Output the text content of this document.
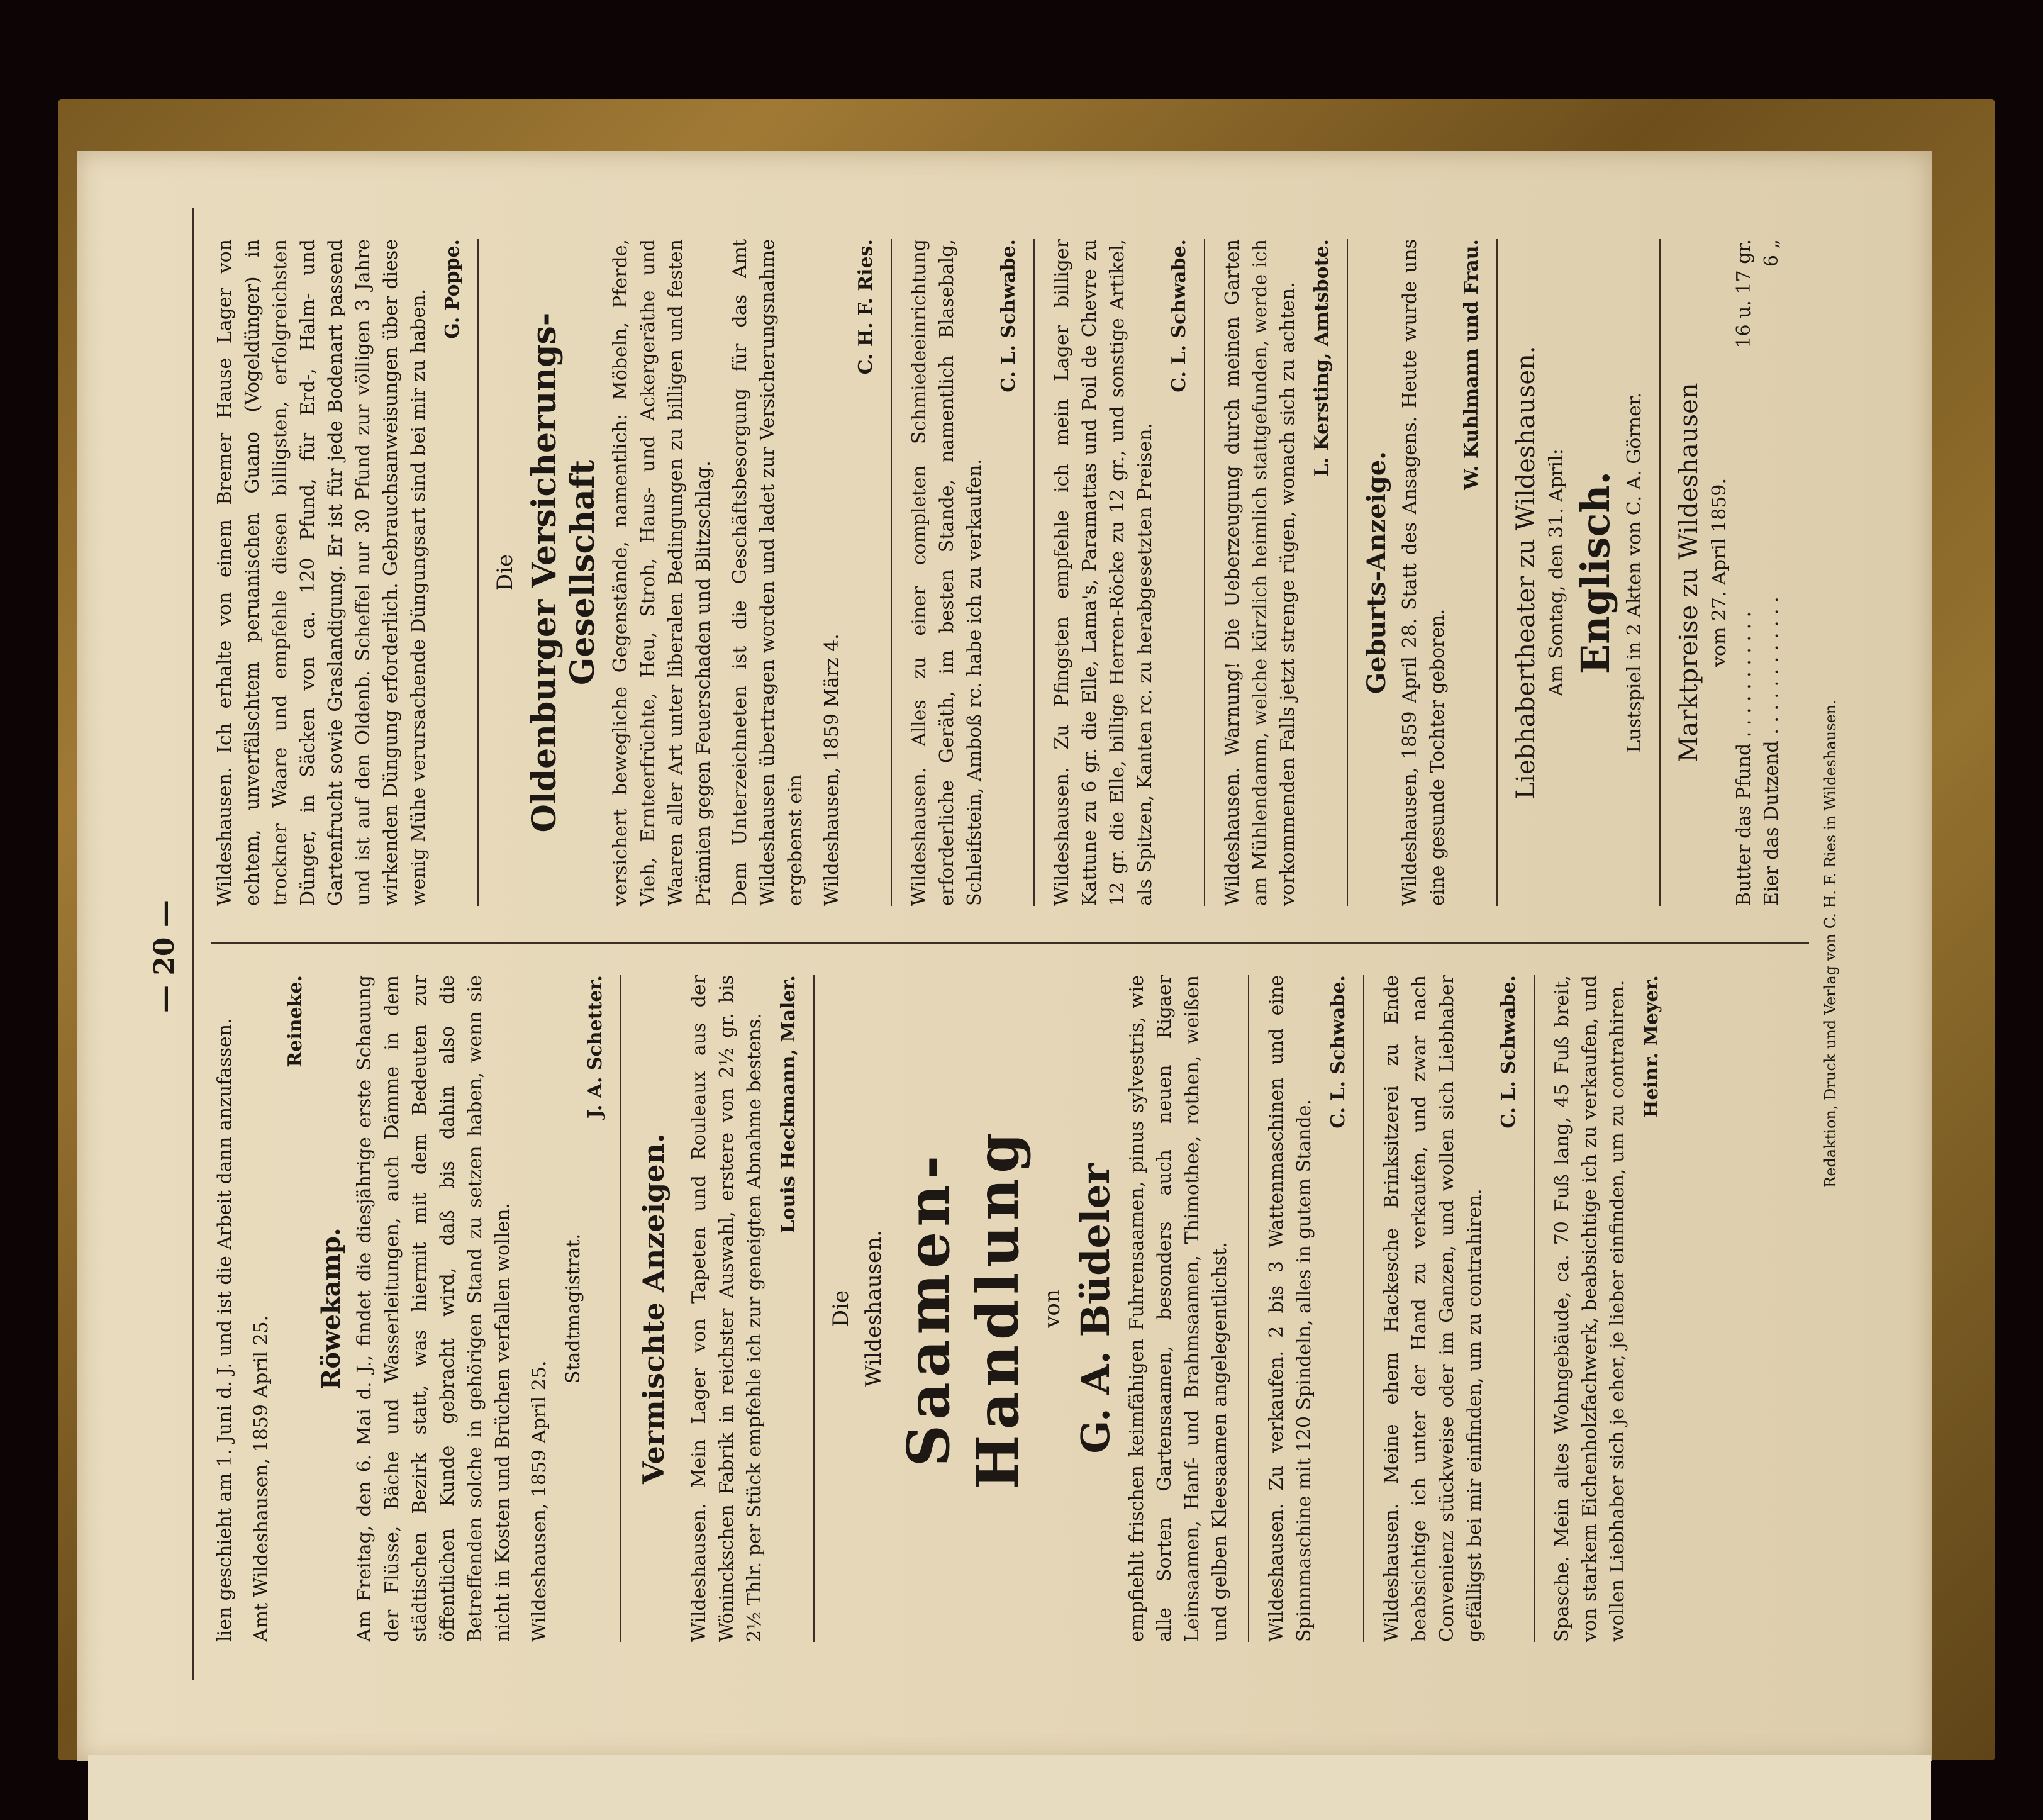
— 20 —

lien geschieht am 1. Juni d. J. und ist die Arbeit dann anzufassen. Amt Wildeshausen, 1859 April 25.

Reineke.
Röwekamp. Am Freitag, den 6. Mai d. J., findet die diesjährige erste Schauung der Flüsse, Bäche und Wasserleitungen, auch Dämme in dem städtischen Bezirk statt, was hiermit mit dem Bedeuten zur öffentlichen Kunde gebracht wird, daß bis dahin also die Betreffenden solche in gehörigen Stand zu setzen haben, wenn sie nicht in Kosten und Brüchen verfallen wollen. Wildeshausen, 1859 April 25.

Stadtmagistrat.
J. A. Schetter.
Vermischte Anzeigen. Wildeshausen. Mein Lager von Tapeten und Rouleaux aus der Wöninckschen Fabrik in reichster Auswahl, erstere von 2½ gr. bis 2½ Thlr. per Stück empfehle ich zur geneigten Abnahme bestens. Louis Heckmann, Maler.
Die Wildeshausen. Saamen-Handlung von G. A. Büdeler empfiehlt frischen keimfähigen Fuhrensaamen, pinus sylvestris, wie alle Sorten Gartensaamen, besonders auch neuen Rigaer Leinsaamen, Hanf- und Brahmsaamen, Thimothee, rothen, weißen und gelben Kleesaamen angelegentlichst. Wildeshausen. Zu verkaufen. 2 bis 3 Wattenmaschinen und eine Spinnmaschine mit 120 Spindeln, alles in gutem Stande.

C. L. Schwabe. Wildeshausen. Meine ehem Hackesche Brinksitzerei zu Ende beabsichtige ich unter der Hand zu verkaufen, und zwar nach Convenienz stückweise oder im Ganzen, und wollen sich Liebhaber gefälligst bei mir einfinden, um zu contrahiren.

C. L. Schwabe. Spasche. Mein altes Wohngebäude, ca. 70 Fuß lang, 45 Fuß breit, von starkem Eichenholzfachwerk, beabsichtige ich zu verkaufen, und wollen Liebhaber sich je eher, je lieber einfinden, um zu contrahiren. Heinr. Meyer.

Wildeshausen. Ich erhalte von einem Bremer Hause Lager von echtem, unverfälschtem peruanischen Guano (Vogeldünger) in trockner Waare und empfehle diesen billigsten, erfolgreichsten Dünger, in Säcken von ca. 120 Pfund, für Erd-, Halm- und Gartenfrucht sowie Graslandigung. Er ist für jede Bodenart passend und ist auf den Oldenb. Scheffel nur 30 Pfund zur völligen 3 Jahre wirkenden Düngung erforderlich. Gebrauchsanweisungen über diese wenig Mühe verursachende Düngungsart sind bei mir zu haben. G. Poppe.
Die Oldenburger Versicherungs-Gesellschaft versichert bewegliche Gegenstände, namentlich: Möbeln, Pferde, Vieh, Ernteerfrüchte, Heu, Stroh, Haus- und Ackergeräthe und Waaren aller Art unter liberalen Bedingungen zu billigen und festen Prämien gegen Feuerschaden und Blitzschlag. Dem Unterzeichneten ist die Geschäftsbesorgung für das Amt Wildeshausen übertragen worden und ladet zur Versicherungsnahme ergebenst ein Wildeshausen, 1859 März 4.

C. H. F. Ries. Wildeshausen. Alles zu einer completen Schmiedeeinrichtung erforderliche Geräth, im besten Stande, namentlich Blasebalg, Schleifstein, Amboß rc. habe ich zu verkaufen.

C. L. Schwabe. Wildeshausen. Zu Pfingsten empfehle ich mein Lager billiger Kattune zu 6 gr. die Elle, Lama's, Paramattas und Poil de Chevre zu 12 gr. die Elle, billige Herren-Röcke zu 12 gr., und sonstige Artikel, als Spitzen, Kanten rc. zu herabgesetzten Preisen.

C. L. Schwabe. Wildeshausen. Warnung! Die Ueberzeugung durch meinen Garten am Mühlendamm, welche kürzlich heimlich stattgefunden, werde ich vorkommenden Falls jetzt strenge rügen, wonach sich zu achten. L. Kersting, Amtsbote.
Geburts-Anzeige. Wildeshausen, 1859 April 28. Statt des Ansagens. Heute wurde uns eine gesunde Tochter geboren.

W. Kuhlmann und Frau. Liebhabertheater zu Wildeshausen. Am Sontag, den 31. April: Englisch. Lustspiel in 2 Akten von C. A. Görner. Marktpreise zu Wildeshausen vom 27. April 1859.
Butter das Pfund . . . . . . . . . . .
16 u. 17 gr.
Eier das Dutzend . . . . . . . . . . . .
6 „
Redaktion, Druck und Verlag von C. H. F. Ries in Wildeshausen.
